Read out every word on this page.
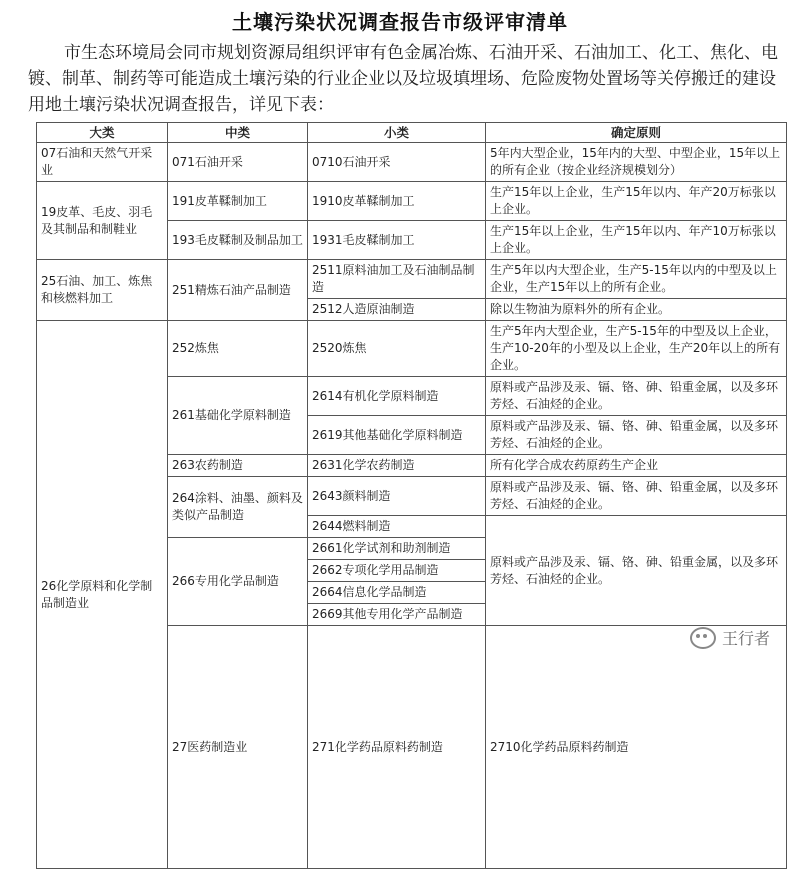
土壤污染状况调查报告市级评审清单
市生态环境局会同市规划资源局组织评审有色金属冶炼、石油开采、石油加工、化工、焦化、电镀、制革、制药等可能造成土壤污染的行业企业以及垃圾填埋场、危险废物处置场等关停搬迁的建设用地土壤污染状况调查报告，详见下表：
大类	中类	小类	确定原则	
07石油和天然气开采业	071石油开采	0710石油开采	5年内大型企业，15年内的大型、中型企业，15年以上的所有企业（按企业经济规模划分）	
19皮革、毛皮、羽毛及其制品和制鞋业	191皮革鞣制加工	1910皮革鞣制加工	生产15年以上企业，生产15年以内、年产20万标张以上企业。	
	193毛皮鞣制及制品加工	1931毛皮鞣制加工	生产15年以上企业，生产15年以内、年产10万标张以上企业。	
25石油、加工、炼焦和核燃料加工	251精炼石油产品制造	2511原料油加工及石油制品制造	生产5年以内大型企业，生产5-15年以内的中型及以上企业，生产15年以上的所有企业。	
		2512人造原油制造	除以生物油为原料外的所有企业。	
26化学原料和化学制品制造业	252炼焦	2520炼焦	生产5年内大型企业，生产5-15年的中型及以上企业，生产10-20年的小型及以上企业，生产20年以上的所有企业。	
	261基础化学原料制造	2614有机化学原料制造	原料或产品涉及汞、镉、铬、砷、铅重金属，以及多环芳烃、石油烃的企业。	
		2619其他基础化学原料制造	原料或产品涉及汞、镉、铬、砷、铅重金属，以及多环芳烃、石油烃的企业。	
	263农药制造	2631化学农药制造	所有化学合成农药原药生产企业	
	264涂料、油墨、颜料及类似产品制造	2643颜料制造	原料或产品涉及汞、镉、铬、砷、铅重金属，以及多环芳烃、石油烃的企业。	
		2644燃料制造	原料或产品涉及汞、镉、铬、砷、铅重金属，以及多环芳烃、石油烃的企业。	
	266专用化学品制造	2661化学试剂和助剂制造		
		2662专项化学用品制造		
		2664信息化学品制造		
		2669其他专用化学产品制造		
	27医药制造业	271化学药品原料药制造	2710化学药品原料药制造	
王行者
